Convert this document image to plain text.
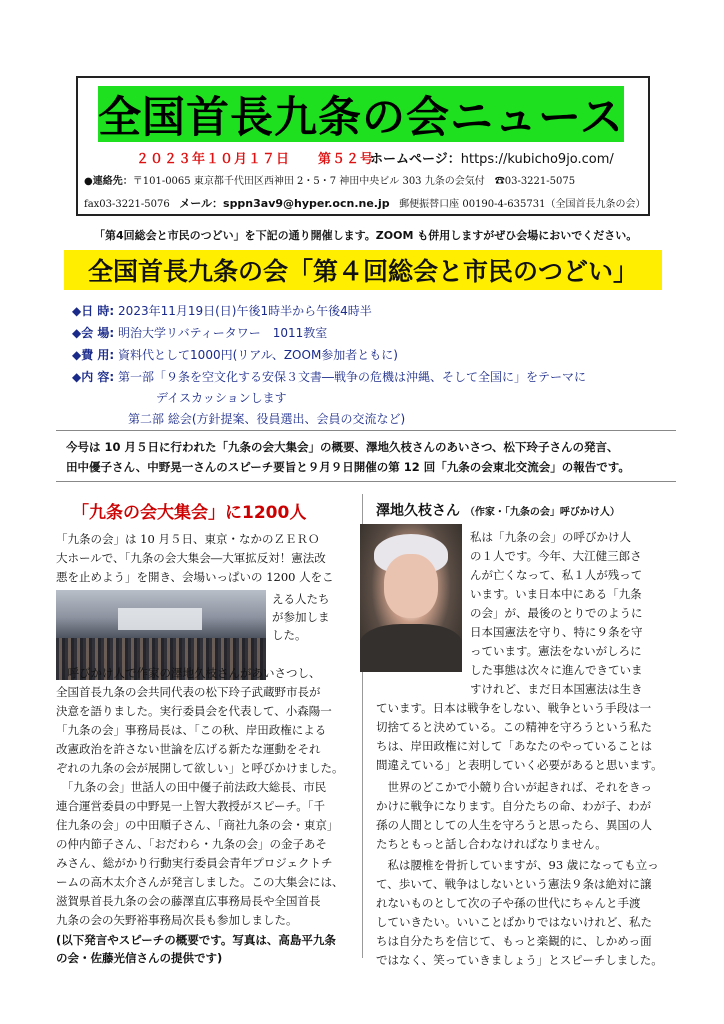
全国首長九条の会ニュース
２０２３年１０月１７日　　第５２号
ホームページ：https://kubicho9jo.com/
●連絡先：〒101-0065 東京都千代田区西神田 2・5・7 神田中央ビル 303 九条の会気付　☎03-3221-5075
fax03-3221-5076 メール：sppn3av9@hyper.ocn.ne.jp 郵便振替口座 00190-4-635731（全国首長九条の会）
「第4回総会と市民のつどい」を下記の通り開催します。ZOOM も併用しますがぜひ会場においでください。
全国首長九条の会「第４回総会と市民のつどい」
◆日 時: 2023年11月19日(日)午後1時半から午後4時半
◆会 場: 明治大学リバティータワー　1011教室
◆費 用: 資料代として1000円(リアル、ZOOM参加者ともに)
◆内 容: 第一部「９条を空文化する安保３文書―戦争の危機は沖縄、そして全国に」をテーマに
デイスカッションします
第二部 総会(方針提案、役員選出、会員の交流など)

今号は 10 月５日に行われた「九条の会大集会」の概要、澤地久枝さんのあいさつ、松下玲子さんの発言、

田中優子さん、中野晃一さんのスピーチ要旨と９月９日開催の第 12 回「九条の会東北交流会」の報告です。

「九条の会大集会」に1200人
「九条の会」は 10 月５日、東京・なかのＺＥＲＯ
大ホールで、「九条の会大集会―大軍拡反対！憲法改
悪を止めよう」を開き、会場いっぱいの 1200 人をこ
える人たち
が参加しま
した。
　呼びかけ人で作家の澤地久枝さんがあいさつし、
全国首長九条の会共同代表の松下玲子武蔵野市長が
決意を語りました。実行委員会を代表して、小森陽一
「九条の会」事務局長は、「この秋、岸田政権による
改憲政治を許さない世論を広げる新たな運動をそれ
ぞれの九条の会が展開して欲しい」と呼びかけました。
　「九条の会」世話人の田中優子前法政大総長、市民
連合運営委員の中野晃一上智大教授がスピーチ。「千
住九条の会」の中田順子さん、「商社九条の会・東京」
の仲内節子さん、「おだわら・九条の会」の金子あそ
みさん、総がかり行動実行委員会青年プロジェクトチ
ームの高木太介さんが発言しました。この大集会には、
滋賀県首長九条の会の藤澤直広事務局長や全国首長
九条の会の矢野裕事務局次長も参加しました。
(以下発言やスピーチの概要です。写真は、高島平九条
の会・佐藤光信さんの提供です)
澤地久枝さん （作家・「九条の会」呼びかけ人）
私は「九条の会」の呼びかけ人
の１人です。今年、大江健三郎さ
んが亡くなって、私１人が残って
います。いま日本中にある「九条
の会」が、最後のとりでのように
日本国憲法を守り、特に９条を守
っています。憲法をないがしろに
した事態は次々に進んできていま
すけれど、まだ日本国憲法は生き
ています。日本は戦争をしない、戦争という手段は一
切捨てると決めている。この精神を守ろうという私た
ちは、岸田政権に対して「あなたのやっていることは
間違えている」と表明していく必要があると思います。
　世界のどこかで小競り合いが起きれば、それをきっ
かけに戦争になります。自分たちの命、わが子、わが
孫の人間としての人生を守ろうと思ったら、異国の人
たちともっと話し合わなければなりません。
　私は腰椎を骨折していますが、93 歳になっても立っ
て、歩いて、戦争はしないという憲法９条は絶対に譲
れないものとして次の子や孫の世代にちゃんと手渡
していきたい。いいことばかりではないけれど、私た
ちは自分たちを信じて、もっと楽観的に、しかめっ面
ではなく、笑っていきましょう」とスピーチしました。
